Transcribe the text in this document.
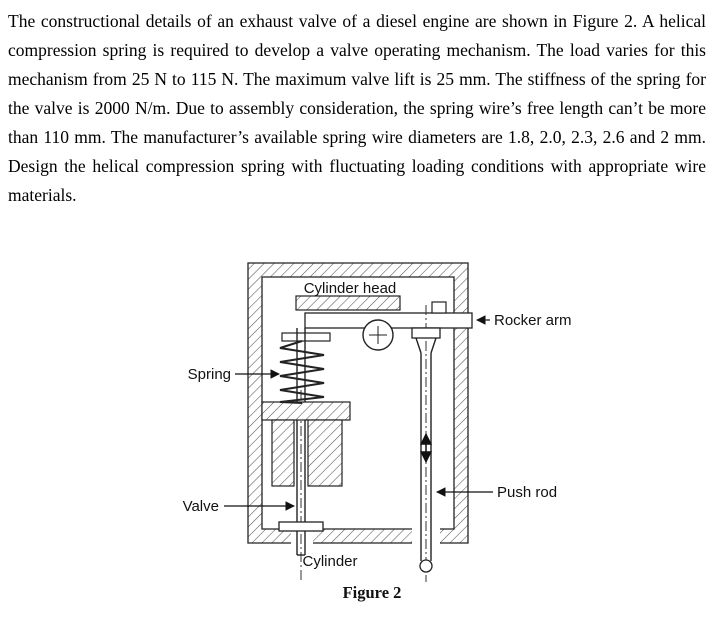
The constructional details of an exhaust valve of a diesel engine are shown in Figure 2. A helical compression spring is required to develop a valve operating mechanism. The load varies for this mechanism from 25 N to 115 N. The maximum valve lift is 25 mm. The stiffness of the spring for the valve is 2000 N/m. Due to assembly consideration, the spring wire’s free length can’t be more than 110 mm. The manufacturer’s available spring wire diameters are 1.8, 2.0, 2.3, 2.6 and 2 mm. Design the helical compression spring with fluctuating loading conditions with appropriate wire materials.
Cylinder head
Rocker arm
Spring
Push rod
Valve
Cylinder
Figure 2
